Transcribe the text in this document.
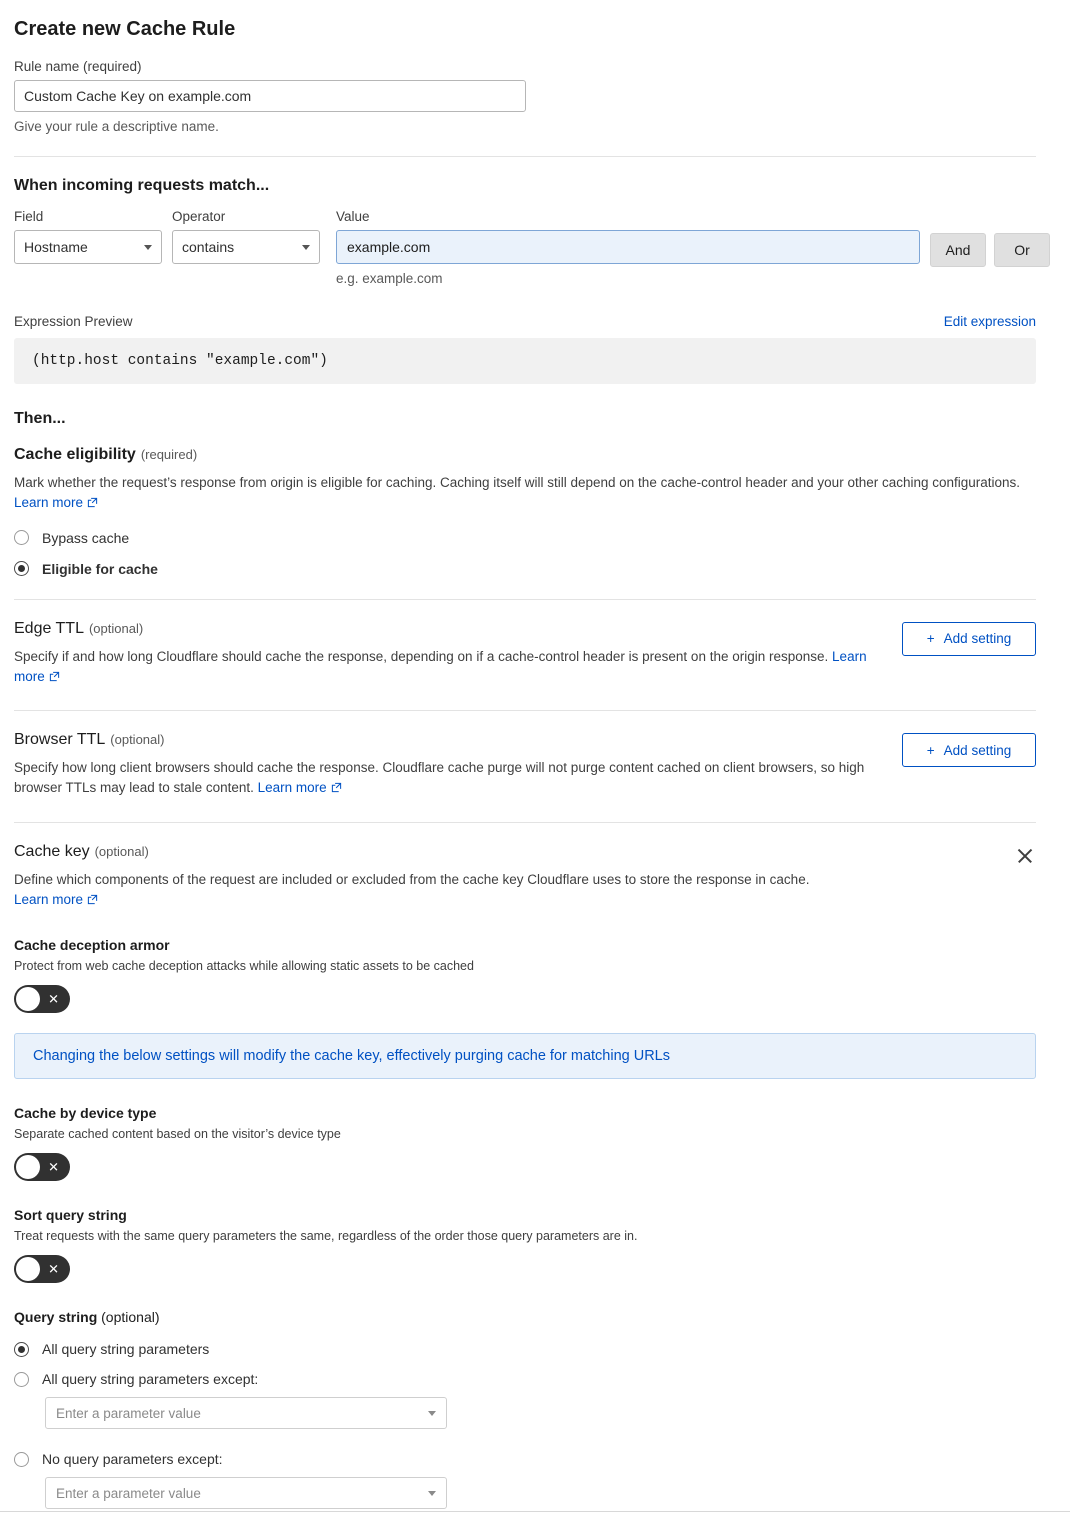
Create new Cache Rule
Rule name (required)
Custom Cache Key on example.com
Give your rule a descriptive name.
When incoming requests match...
Field
Hostname
Operator
contains
Value
example.com
e.g. example.com
And	Or
Expression Preview	Edit expression
(http.host contains "example.com")
Then...
Cache eligibility (required)
Mark whether the request’s response from origin is eligible for caching. Caching itself will still depend on the cache-control header and your other caching configurations. Learn more
Bypass cache
Eligible for cache
Edge TTL (optional)
Specify if and how long Cloudflare should cache the response, depending on if a cache-control header is present on the origin response. Learn more
+ Add setting
Browser TTL (optional)
Specify how long client browsers should cache the response. Cloudflare cache purge will not purge content cached on client browsers, so high browser TTLs may lead to stale content. Learn more
+ Add setting
Cache key (optional)
Define which components of the request are included or excluded from the cache key Cloudflare uses to store the response in cache.
Learn more
Cache deception armor
Protect from web cache deception attacks while allowing static assets to be cached
✕
Changing the below settings will modify the cache key, effectively purging cache for matching URLs
Cache by device type
Separate cached content based on the visitor’s device type
✕
Sort query string
Treat requests with the same query parameters the same, regardless of the order those query parameters are in.
✕
Query string (optional)
All query string parameters
All query string parameters except:
Enter a parameter value
No query parameters except:
Enter a parameter value
